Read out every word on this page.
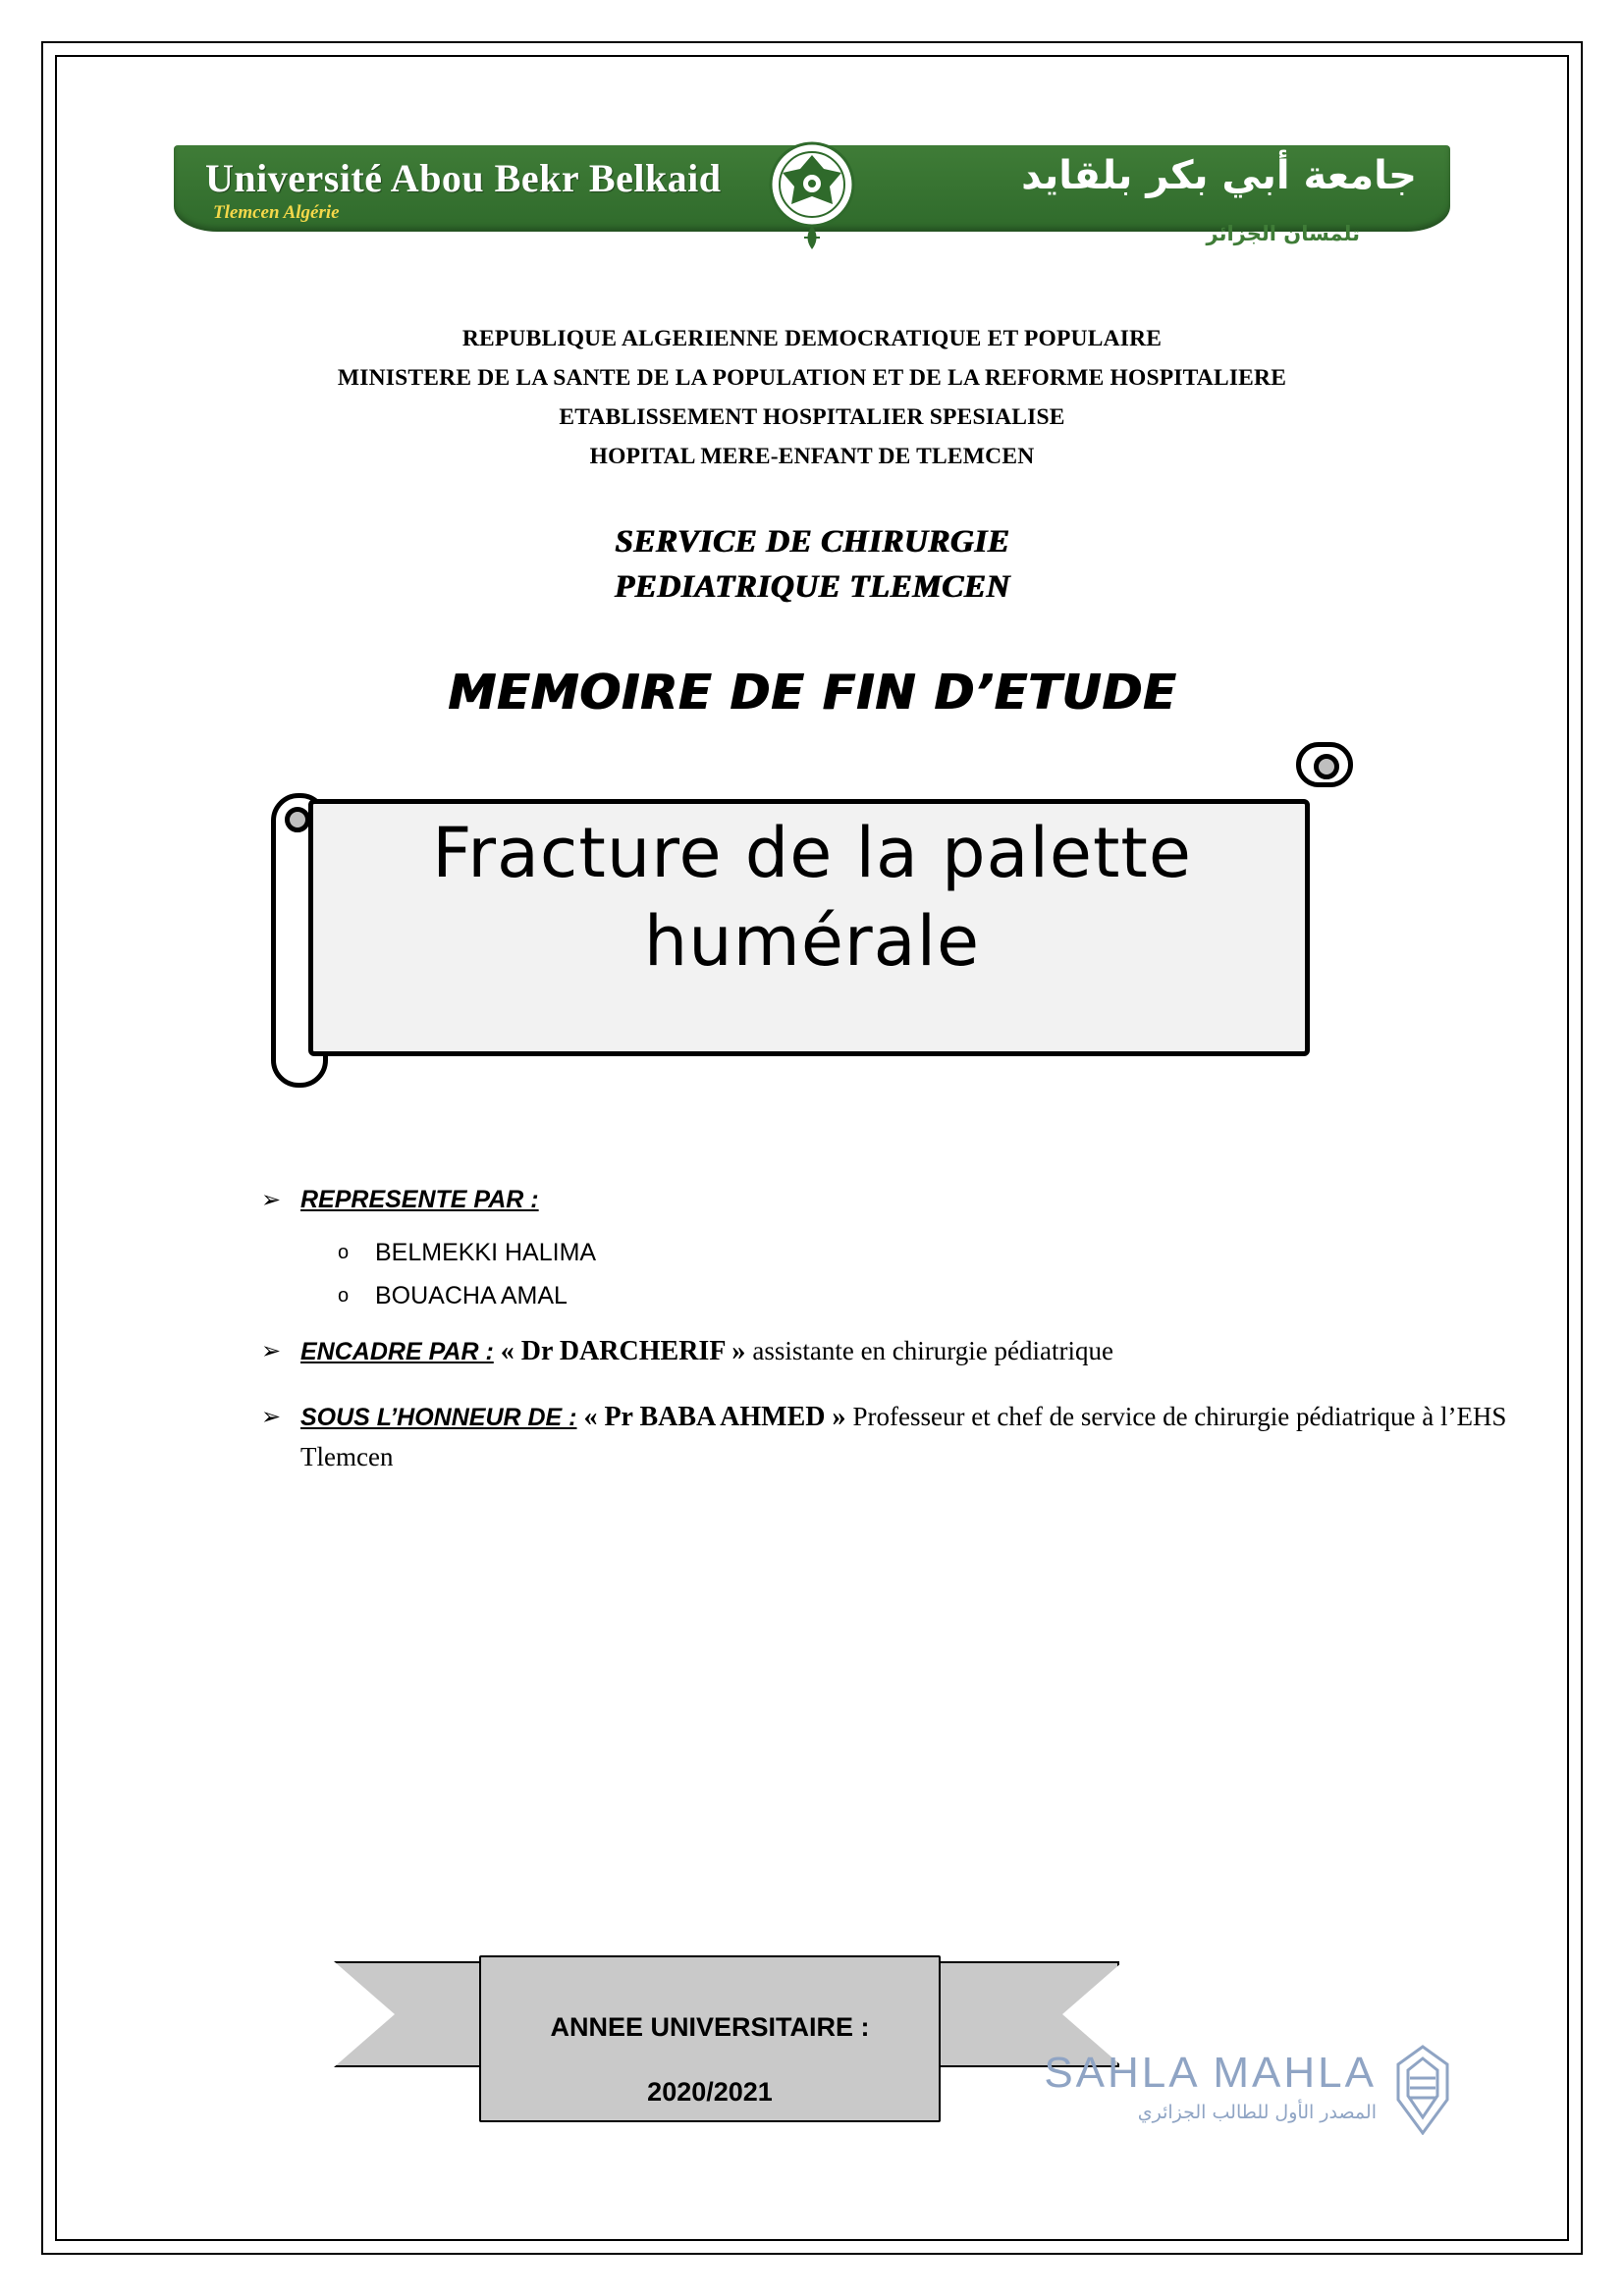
Université Abou Bekr Belkaid
Tlemcen Algérie
جامعة أبي بكر بلقايد
تلمسان الجزائر
REPUBLIQUE ALGERIENNE DEMOCRATIQUE ET POPULAIRE
MINISTERE DE LA SANTE DE LA POPULATION ET DE LA REFORME HOSPITALIERE
ETABLISSEMENT HOSPITALIER SPESIALISE
HOPITAL MERE-ENFANT DE TLEMCEN
SERVICE DE CHIRURGIE
PEDIATRIQUE TLEMCEN
MEMOIRE DE FIN D’ETUDE
Fracture de la palette humérale
➢ REPRESENTE PAR :
o BELMEKKI HALIMA
o BOUACHA AMAL
➢ ENCADRE PAR : « Dr DARCHERIF » assistante en chirurgie pédiatrique
➢ SOUS L’HONNEUR DE : « Pr BABA AHMED » Professeur et chef de service de chirurgie pédiatrique à l’EHS Tlemcen
ANNEE UNIVERSITAIRE :
2020/2021	SAHLA MAHLA
المصدر الأول للطالب الجزائري
